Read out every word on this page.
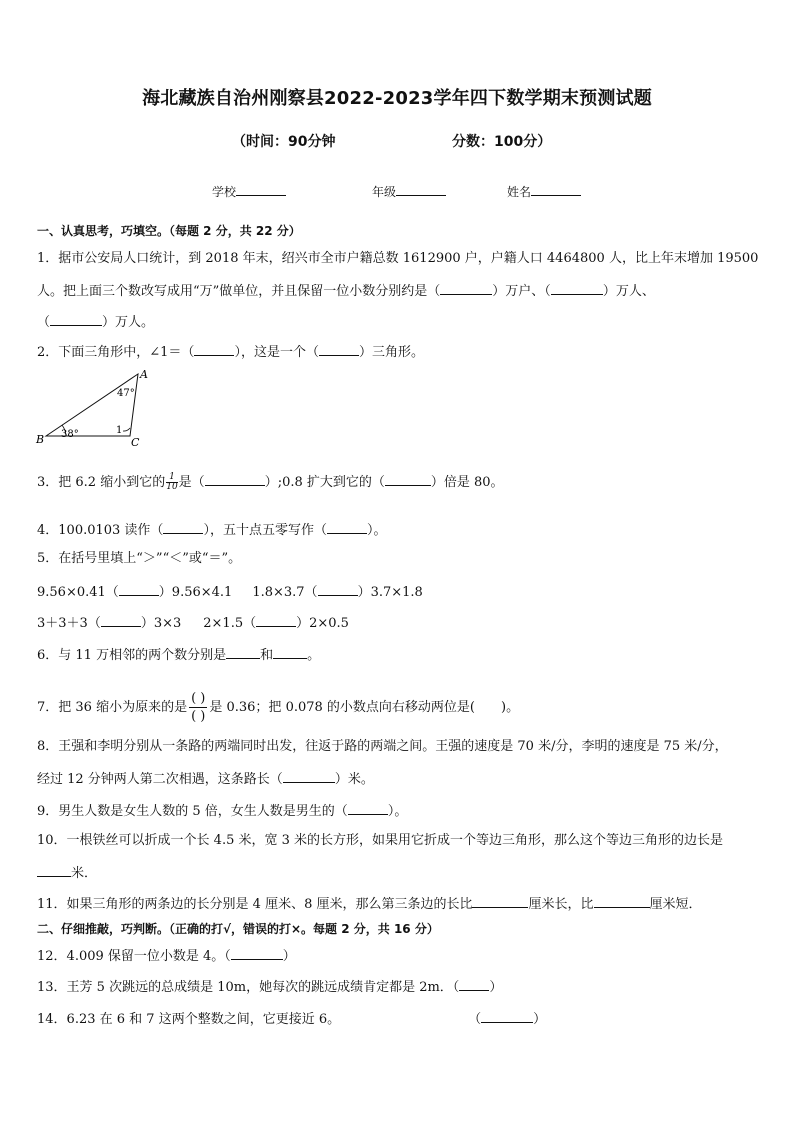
海北藏族自治州刚察县2022-2023学年四下数学期末预测试题
（时间：90分钟	分数：100分）
学校	年级	姓名
一、认真思考，巧填空。（每题 2 分，共 22 分）
1．据市公安局人口统计，到 2018 年末，绍兴市全市户籍总数 1612900 户，户籍人口 4464800 人，比上年末增加 19500
人。把上面三个数改写成用“万”做单位，并且保留一位小数分别约是（	）万户、（	）万人、
（	）万人。
2．下面三角形中，∠1＝（	），这是一个（	）三角形。
A
B	C
47°
38°	1
3．把 6.2 缩小到它的 $\frac{1}{10}$ 是（	）;0.8 扩大到它的（	）倍是 80。
4．100.0103 读作（	），五十点五零写作（	）。
5．在括号里填上“＞”“＜”或“＝”。
9.56×0.41（	）9.56×4.1 1.8×3.7（	）3.7×1.8
3＋3＋3（	）3×3 2×1.5（	）2×0.5
6．与 11 万相邻的两个数分别是	和	。
7．把 36 缩小为原来的是
( )
( )
是 0.36；把 0.078 的小数点向右移动两位是( )。
8．王强和李明分别从一条路的两端同时出发，往返于路的两端之间。王强的速度是 70 米/分，李明的速度是 75 米/分，
经过 12 分钟两人第二次相遇，这条路长（	）米。
9．男生人数是女生人数的 5 倍，女生人数是男生的（	）。
10．一根铁丝可以折成一个长 4.5 米，宽 3 米的长方形，如果用它折成一个等边三角形，那么这个等边三角形的边长是
米．
11．如果三角形的两条边的长分别是 4 厘米、8 厘米，那么第三条边的长比	厘米长，比	厘米短．
二、仔细推敲，巧判断。（正确的打√，错误的打×。每题 2 分，共 16 分）
12．4.009 保留一位小数是 4。（	）
13．王芳 5 次跳远的总成绩是 10m，她每次的跳远成绩肯定都是 2m．（ ）
14．6.23 在 6 和 7 这两个整数之间，它更接近 6。	（	）
